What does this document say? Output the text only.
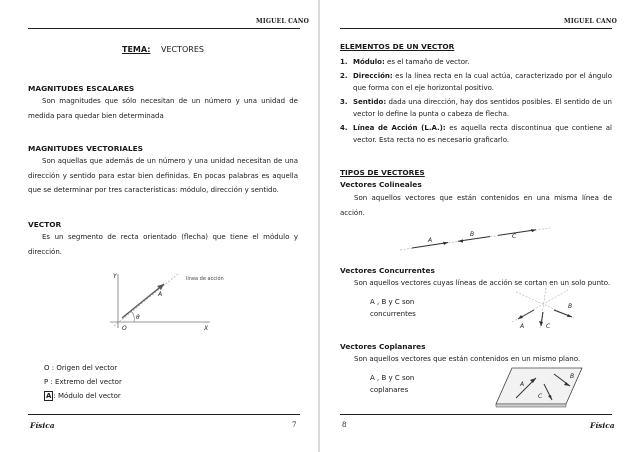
MIGUEL CANO
TEMA: VECTORES
MAGNITUDES ESCALARES
Son magnitudes que sólo necesitan de un número y una unidad de medida para quedar bien determinada
MAGNITUDES VECTORIALES
Son aquellas que además de un número y una unidad necesitan de una dirección y sentido para estar bien definidas. En pocas palabras es aquella que se determinar por tres características: módulo, dirección y sentido.
VECTOR
Es un segmento de recta orientado (flecha) que tiene el módulo y dirección.
línea de acción
A
O
Y
X
θ
O : Origen del vector
P : Extremo del vector
A : Módulo del vector
Física	7
MIGUEL CANO
ELEMENTOS DE UN VECTOR
1. Módulo: es el tamaño de vector.
2. Dirección: es la línea recta en la cual actúa, caracterizado por el ángulo que forma con el eje horizontal positivo.
3. Sentido: dada una dirección, hay dos sentidos posibles. El sentido de un vector lo define la punta o cabeza de flecha.
4. Línea de Acción (L.A.): es aquella recta discontinua que contiene al vector. Esta recta no es necesario graficarlo.
TIPOS DE VECTORES
Vectores Colineales
Son aquellos vectores que están contenidos en una misma línea de acción.
A
B	C
Vectores Concurrentes
Son aquellos vectores cuyas líneas de acción se cortan en un solo punto.
A , B y C son
concurrentes
A
B
C
Vectores Coplanares
Son aquellos vectores que están contenidos en un mismo plano.
A , B y C son
coplanares
A
B
C
8	Física
